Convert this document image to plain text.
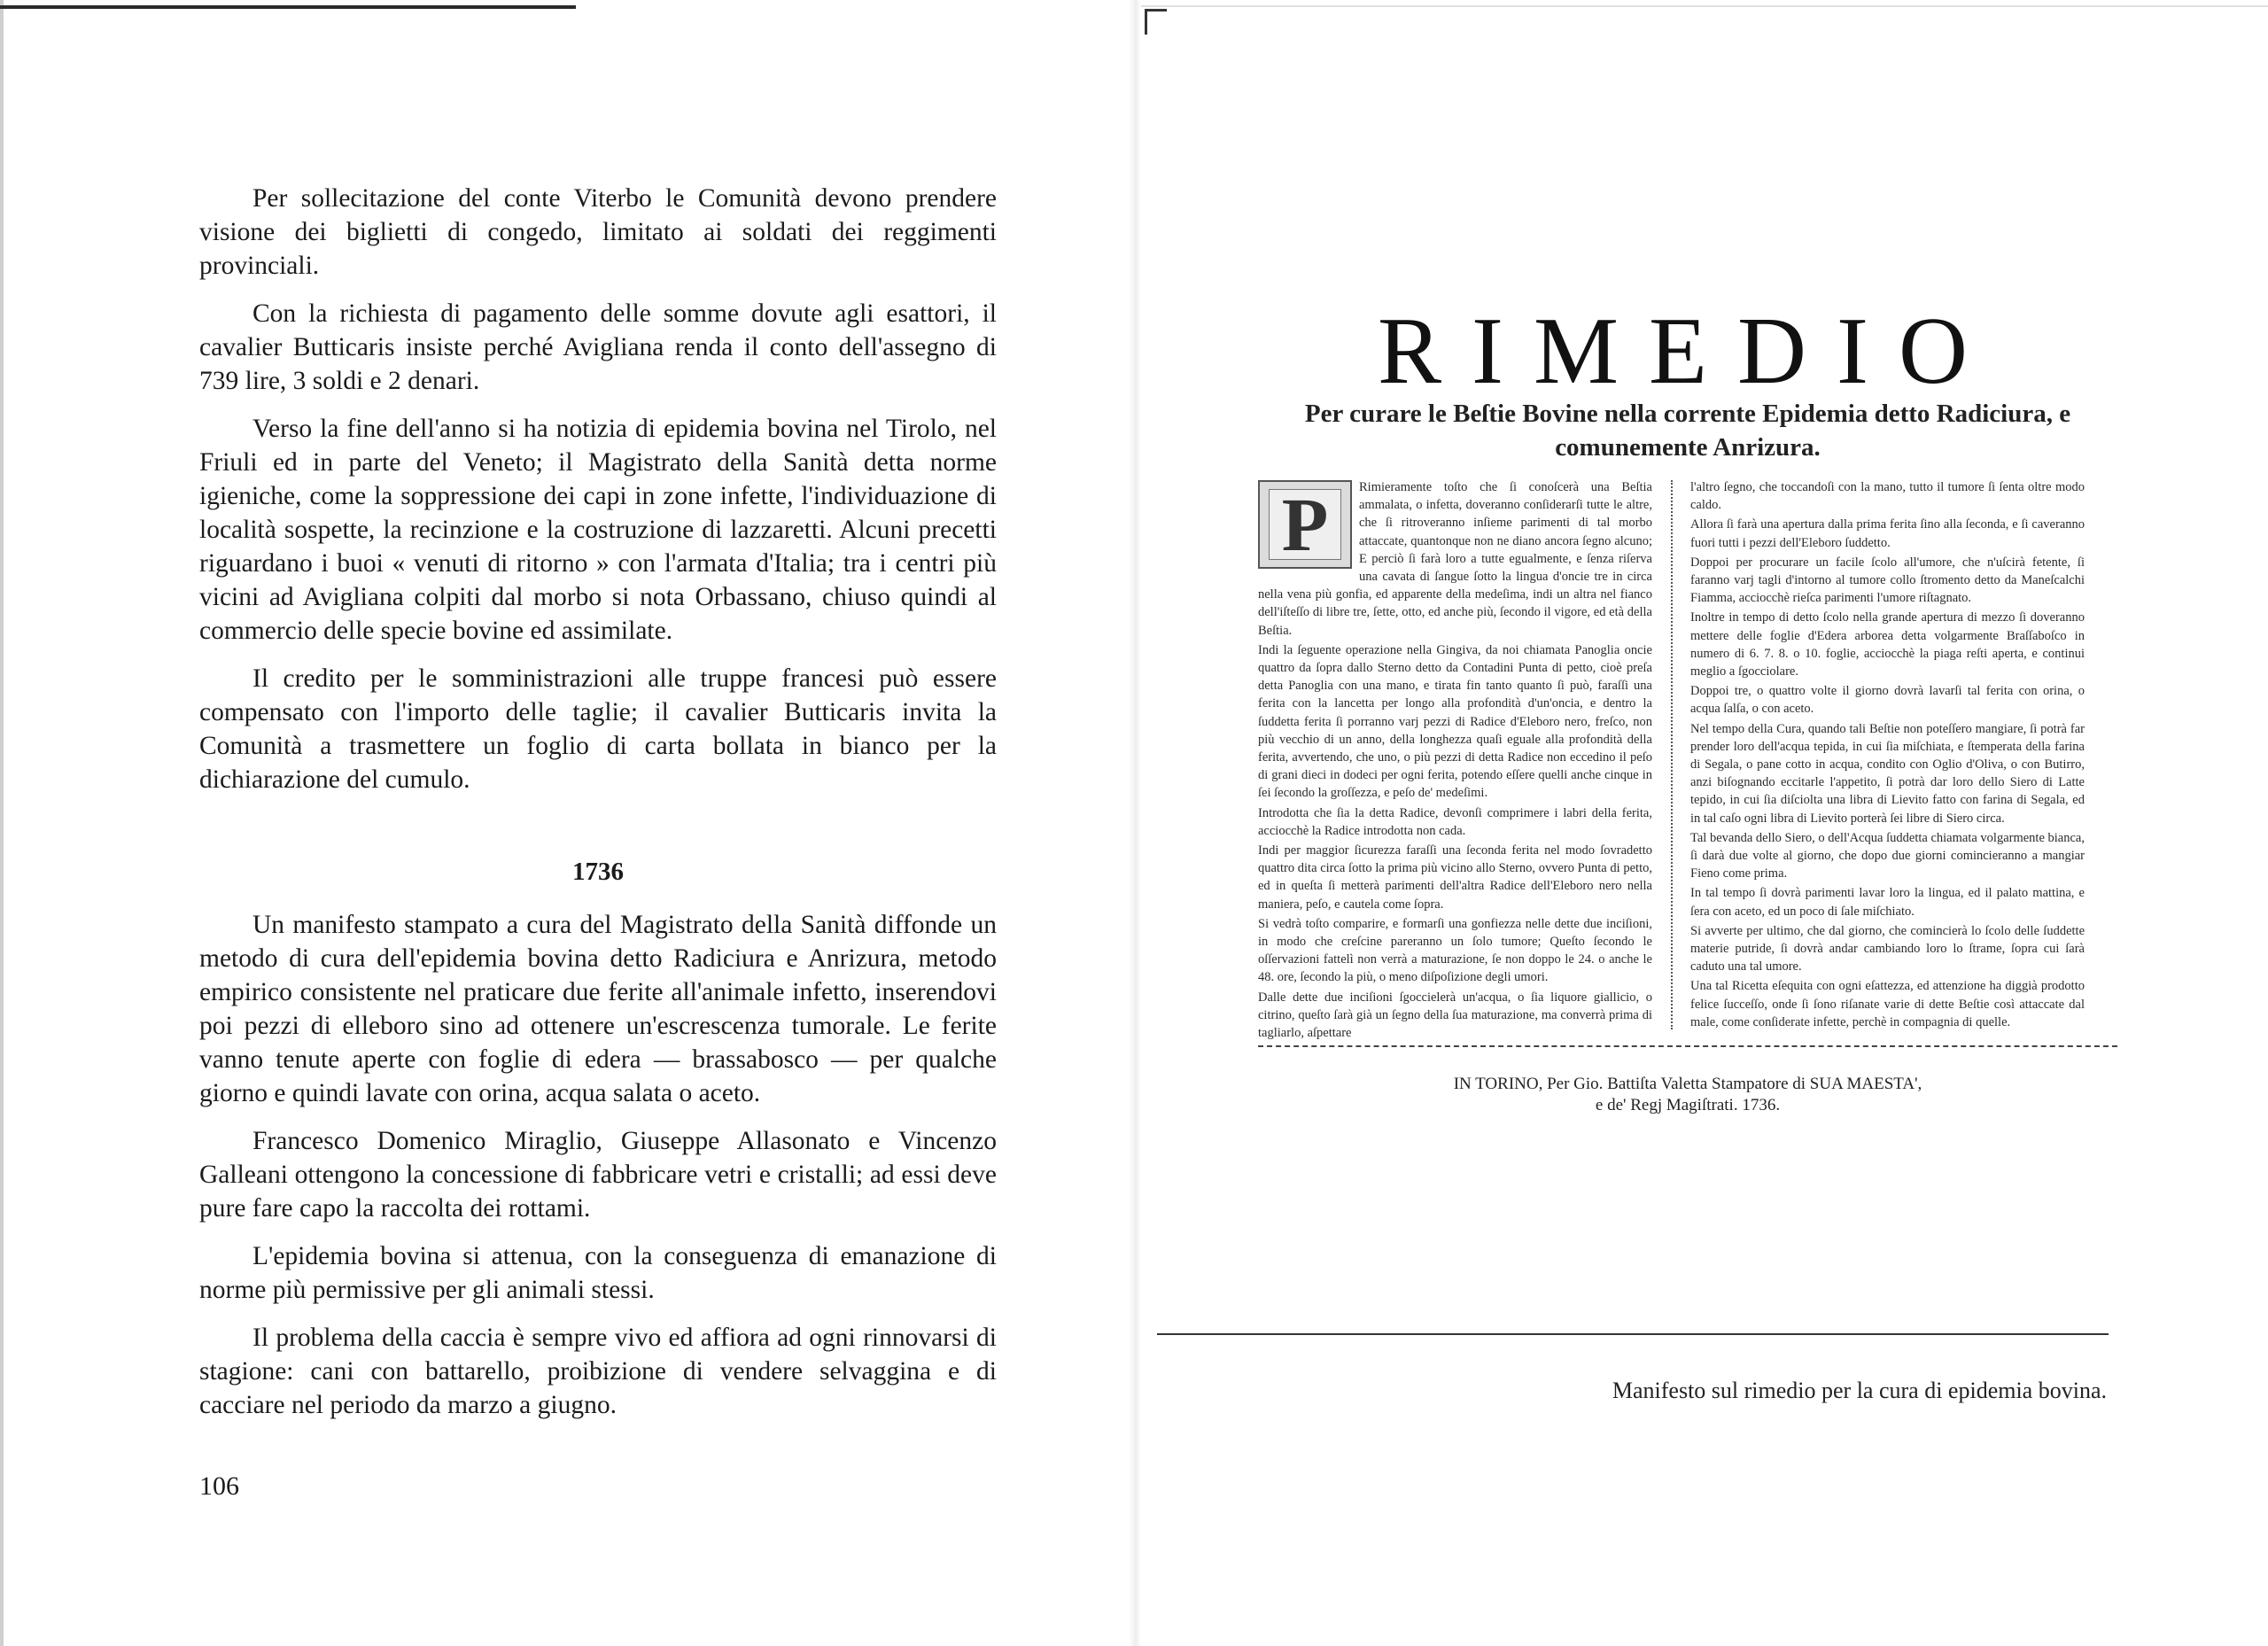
Per sollecitazione del conte Viterbo le Comunità devono prendere visione dei biglietti di congedo, limitato ai soldati dei reggimenti provinciali.

Con la richiesta di pagamento delle somme dovute agli esattori, il cavalier Butticaris insiste perché Avigliana renda il conto dell'assegno di 739 lire, 3 soldi e 2 denari.

Verso la fine dell'anno si ha notizia di epidemia bovina nel Tirolo, nel Friuli ed in parte del Veneto; il Magistrato della Sanità detta norme igieniche, come la soppressione dei capi in zone infette, l'individuazione di località sospette, la recinzione e la costruzione di lazzaretti. Alcuni precetti riguardano i buoi « venuti di ritorno » con l'armata d'Italia; tra i centri più vicini ad Avigliana colpiti dal morbo si nota Orbassano, chiuso quindi al commercio delle specie bovine ed assimilate.

Il credito per le somministrazioni alle truppe francesi può essere compensato con l'importo delle taglie; il cavalier Butticaris invita la Comunità a trasmettere un foglio di carta bollata in bianco per la dichiarazione del cumulo.

1736

Un manifesto stampato a cura del Magistrato della Sanità diffonde un metodo di cura dell'epidemia bovina detto Radiciura e Anrizura, metodo empirico consistente nel praticare due ferite all'animale infetto, inserendovi poi pezzi di elleboro sino ad ottenere un'escrescenza tumorale. Le ferite vanno tenute aperte con foglie di edera — brassabosco — per qualche giorno e quindi lavate con orina, acqua salata o aceto.

Francesco Domenico Miraglio, Giuseppe Allasonato e Vincenzo Galleani ottengono la concessione di fabbricare vetri e cristalli; ad essi deve pure fare capo la raccolta dei rottami.

L'epidemia bovina si attenua, con la conseguenza di emanazione di norme più permissive per gli animali stessi.

Il problema della caccia è sempre vivo ed affiora ad ogni rinnovarsi di stagione: cani con battarello, proibizione di vendere selvaggina e di cacciare nel periodo da marzo a giugno.

106
RIMEDIO

Per curare le Beſtie Bovine nella corrente Epidemia detto Radiciura, e comunemente Anrizura.

P	Rimieramente toſto che ſi conoſcerà una Beſtia ammalata, o infetta, doveranno conſiderarſi tutte le altre, che ſi ritroveranno inſieme parimenti di tal morbo attaccate, quantonque non ne diano ancora ſegno alcuno; E perciò ſi farà loro a tutte egualmente, e ſenza riſerva una cavata di ſangue ſotto la lingua d'oncie tre in circa nella vena più gonfia, ed apparente della medeſima, indi un altra nel fianco dell'iſteſſo di libre tre, ſette, otto, ed anche più, ſecondo il vigore, ed età della Beſtia.

Indi la ſeguente operazione nella Gingiva, da noi chiamata Panoglia oncie quattro da ſopra dallo Sterno detto da Contadini Punta di petto, cioè preſa detta Panoglia con una mano, e tirata fin tanto quanto ſi può, faraſſi una ferita con la lancetta per longo alla profondità d'un'oncia, e dentro la ſuddetta ferita ſi porranno varj pezzi di Radice d'Eleboro nero, freſco, non più vecchio di un anno, della longhezza quaſi eguale alla profondità della ferita, avvertendo, che uno, o più pezzi di detta Radice non eccedino il peſo di grani dieci in dodeci per ogni ferita, potendo eſſere quelli anche cinque in ſei ſecondo la groſſezza, e peſo de' medeſimi.

Introdotta che ſia la detta Radice, devonſi comprimere i labri della ferita, acciocchè la Radice introdotta non cada.

Indi per maggior ſicurezza faraſſi una ſeconda ferita nel modo ſovradetto quattro dita circa ſotto la prima più vicino allo Sterno, ovvero Punta di petto, ed in queſta ſi metterà parimenti dell'altra Radice dell'Eleboro nero nella maniera, peſo, e cautela come ſopra.

Si vedrà toſto comparire, e formarſi una gonfiezza nelle dette due inciſioni, in modo che creſcine pareranno un ſolo tumore; Queſto ſecondo le oſſervazioni fattelì non verrà a maturazione, ſe non doppo le 24. o anche le 48. ore, ſecondo la più, o meno diſpoſizione degli umori.

Dalle dette due inciſioni ſgoccielerà un'acqua, o ſia liquore giallicio, o citrino, queſto ſarà già un ſegno della ſua maturazione, ma converrà prima di tagliarlo, aſpettare

l'altro ſegno, che toccandoſi con la mano, tutto il tumore ſi ſenta oltre modo caldo.

Allora ſi farà una apertura dalla prima ferita ſino alla ſeconda, e ſi caveranno fuori tutti i pezzi dell'Eleboro ſuddetto.

Doppoi per procurare un facile ſcolo all'umore, che n'uſcirà fetente, ſi faranno varj tagli d'intorno al tumore collo ſtromento detto da Maneſcalchi Fiamma, acciocchè rieſca parimenti l'umore riſtagnato.

Inoltre in tempo di detto ſcolo nella grande apertura di mezzo ſi doveranno mettere delle foglie d'Edera arborea detta volgarmente Braſſaboſco in numero di 6. 7. 8. o 10. foglie, acciocchè la piaga reſti aperta, e continui meglio a ſgocciolare.

Doppoi tre, o quattro volte il giorno dovrà lavarſi tal ferita con orina, o acqua ſalſa, o con aceto.

Nel tempo della Cura, quando tali Beſtie non poteſſero mangiare, ſi potrà far prender loro dell'acqua tepida, in cui ſia miſchiata, e ſtemperata della farina di Segala, o pane cotto in acqua, condito con Oglio d'Oliva, o con Butirro, anzi biſognando eccitarle l'appetito, ſi potrà dar loro dello Siero di Latte tepido, in cui ſia diſciolta una libra di Lievito fatto con farina di Segala, ed in tal caſo ogni libra di Lievito porterà ſei libre di Siero circa.

Tal bevanda dello Siero, o dell'Acqua ſuddetta chiamata volgarmente bianca, ſi darà due volte al giorno, che dopo due giorni comincieranno a mangiar Fieno come prima.

In tal tempo ſi dovrà parimenti lavar loro la lingua, ed il palato mattina, e ſera con aceto, ed un poco di ſale miſchiato.

Si avverte per ultimo, che dal giorno, che comincierà lo ſcolo delle ſuddette materie putride, ſi dovrà andar cambiando loro lo ſtrame, ſopra cui ſarà caduto una tal umore.

Una tal Ricetta eſequita con ogni eſattezza, ed attenzione ha diggià prodotto felice ſucceſſo, onde ſi ſono riſanate varie di dette Beſtie così attaccate dal male, come conſiderate infette, perchè in compagnia di quelle.

IN TORINO, Per Gio. Battiſta Valetta Stampatore di SUA MAESTA',
e de' Regj Magiſtrati. 1736.

Manifesto sul rimedio per la cura di epidemia bovina.
